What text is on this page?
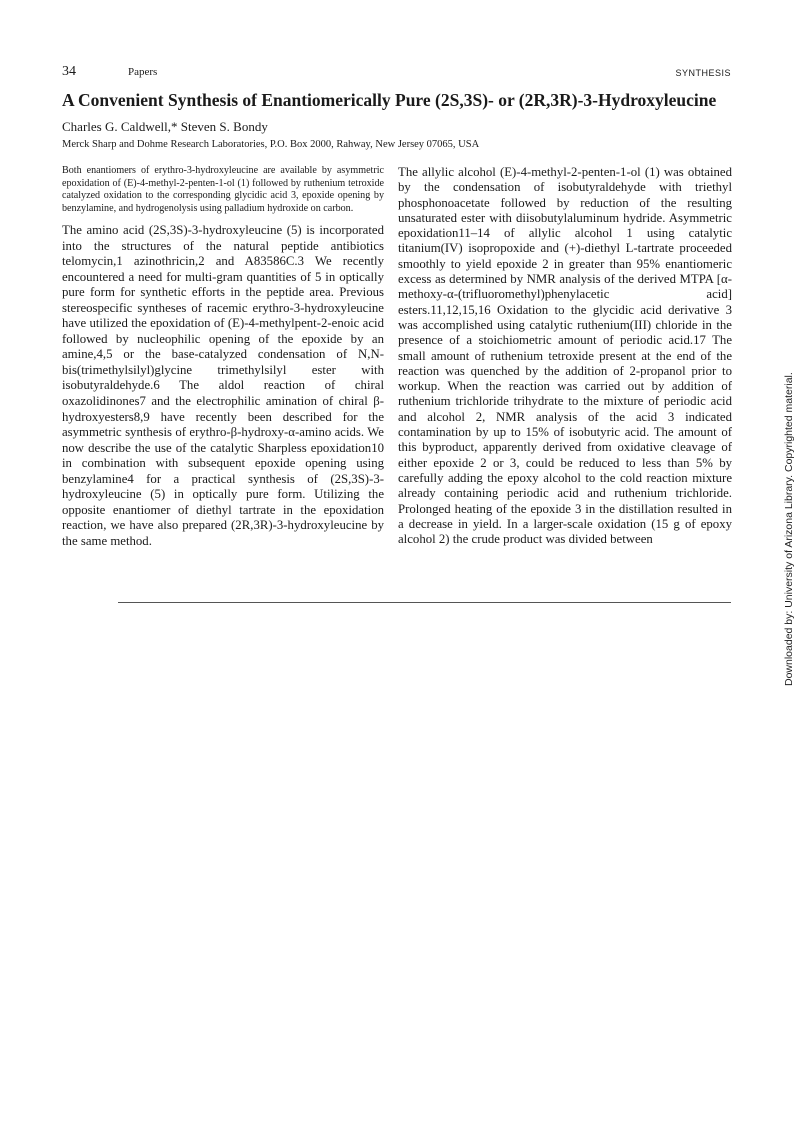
34	Papers	SYNTHESIS
A Convenient Synthesis of Enantiomerically Pure (2S,3S)- or (2R,3R)-3-Hydroxyleucine
Charles G. Caldwell,* Steven S. Bondy
Merck Sharp and Dohme Research Laboratories, P.O. Box 2000, Rahway, New Jersey 07065, USA

Both enantiomers of erythro-3-hydroxyleucine are available by asymmetric epoxidation of (E)-4-methyl-2-penten-1-ol (1) followed by ruthenium tetroxide catalyzed oxidation to the corresponding glycidic acid 3, epoxide opening by benzylamine, and hydrogenolysis using palladium hydroxide on carbon.

The amino acid (2S,3S)-3-hydroxyleucine (5) is incorporated into the structures of the natural peptide antibiotics telomycin,1 azinothricin,2 and A83586C.3 We recently encountered a need for multi-gram quantities of 5 in optically pure form for synthetic efforts in the peptide area. Previous stereospecific syntheses of racemic erythro-3-hydroxyleucine have utilized the epoxidation of (E)-4-methylpent-2-enoic acid followed by nucleophilic opening of the epoxide by an amine,4,5 or the base-catalyzed condensation of N,N-bis(trimethylsilyl)glycine trimethylsilyl ester with isobutyraldehyde.6 The aldol reaction of chiral oxazolidinones7 and the electrophilic amination of chiral β-hydroxyesters8,9 have recently been described for the asymmetric synthesis of erythro-β-hydroxy-α-amino acids. We now describe the use of the catalytic Sharpless epoxidation10 in combination with subsequent epoxide opening using benzylamine4 for a practical synthesis of (2S,3S)-3-hydroxyleucine (5) in optically pure form. Utilizing the opposite enantiomer of diethyl tartrate in the epoxidation reaction, we have also prepared (2R,3R)-3-hydroxyleucine by the same method.

The allylic alcohol (E)-4-methyl-2-penten-1-ol (1) was obtained by the condensation of isobutyraldehyde with triethyl phosphonoacetate followed by reduction of the resulting unsaturated ester with diisobutylaluminum hydride. Asymmetric epoxidation11–14 of allylic alcohol 1 using catalytic titanium(IV) isopropoxide and (+)-diethyl L-tartrate proceeded smoothly to yield epoxide 2 in greater than 95% enantiomeric excess as determined by NMR analysis of the derived MTPA [α-methoxy-α-(trifluoromethyl)phenylacetic acid] esters.11,12,15,16 Oxidation to the glycidic acid derivative 3 was accomplished using catalytic ruthenium(III) chloride in the presence of a stoichiometric amount of periodic acid.17 The small amount of ruthenium tetroxide present at the end of the reaction was quenched by the addition of 2-propanol prior to workup. When the reaction was carried out by addition of ruthenium trichloride trihydrate to the mixture of periodic acid and alcohol 2, NMR analysis of the acid 3 indicated contamination by up to 15% of isobutyric acid. The amount of this byproduct, apparently derived from oxidative cleavage of either epoxide 2 or 3, could be reduced to less than 5% by carefully adding the epoxy alcohol to the cold reaction mixture already containing periodic acid and ruthenium trichloride. Prolonged heating of the epoxide 3 in the distillation resulted in a decrease in yield. In a larger-scale oxidation (15 g of epoxy alcohol 2) the crude product was divided between	Downloaded by: University of Arizona Library. Copyrighted material.
